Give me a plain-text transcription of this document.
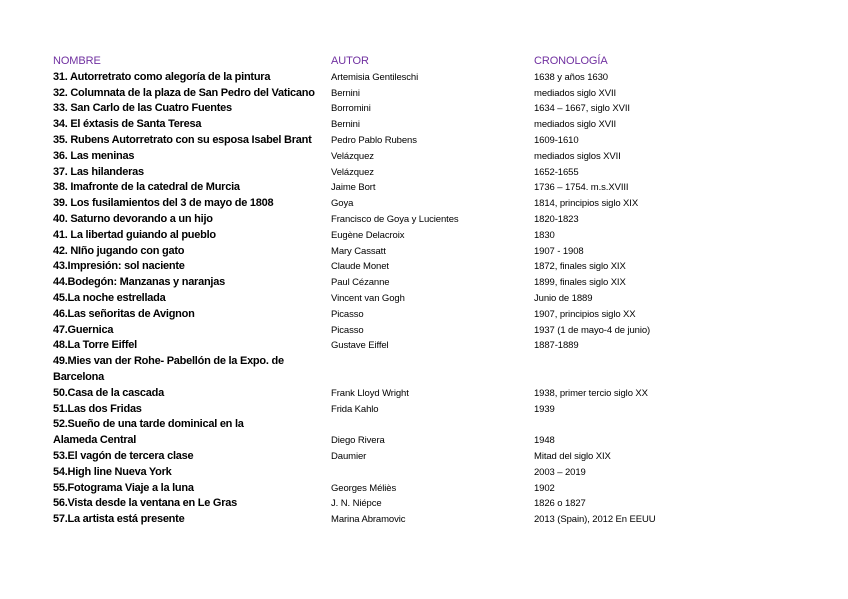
NOMBRE	AUTOR	CRONOLOGÍA

31. Autorretrato como alegoría de la pintura	Artemisia Gentileschi	1638 y años 1630

32. Columnata de la plaza de San Pedro del Vaticano	Bernini	mediados siglo XVII

33. San Carlo de las Cuatro Fuentes	Borromini	1634 – 1667, siglo XVII

34. El éxtasis de Santa Teresa	Bernini	mediados siglo XVII

35. Rubens Autorretrato con su esposa Isabel Brant	Pedro Pablo Rubens	1609-1610

36. Las meninas	Velázquez	mediados siglos XVII

37. Las hilanderas	Velázquez	1652-1655

38. Imafronte de la catedral de Murcia	Jaime Bort	1736 – 1754. m.s.XVIII

39. Los fusilamientos del 3 de mayo de 1808	Goya	1814, principios siglo XIX

40. Saturno devorando a un hijo	Francisco de Goya y Lucientes	1820-1823

41. La libertad guiando al pueblo	Eugène Delacroix	1830

42. NIño jugando con gato	Mary Cassatt	1907 - 1908

43.Impresión: sol naciente	Claude Monet	1872, finales siglo XIX

44.Bodegón: Manzanas y naranjas	Paul Cézanne	1899, finales siglo XIX

45.La noche estrellada	Vincent van Gogh	Junio de 1889

46.Las señoritas de Avignon	Picasso	1907, principios siglo XX

47.Guernica	Picasso	1937 (1 de mayo-4 de junio)

48.La Torre Eiffel	Gustave Eiffel	1887-1889

49.Mies van der Rohe- Pabellón de la Expo. de
Barcelona		

50.Casa de la cascada	Frank Lloyd Wright	1938, primer tercio siglo XX

51.Las dos Fridas	Frida Kahlo	1939

52.Sueño de una tarde dominical en la
Alameda Central	Diego Rivera	1948

53.El vagón de tercera clase	Daumier	Mitad del siglo XIX

54.High line Nueva York		2003 – 2019

55.Fotograma Viaje a la luna	Georges Méliès	1902

56.Vista desde la ventana en Le Gras	J. N. Niépce	1826 o 1827

57.La artista está presente	Marina Abramovic	2013 (Spain), 2012 En EEUU
